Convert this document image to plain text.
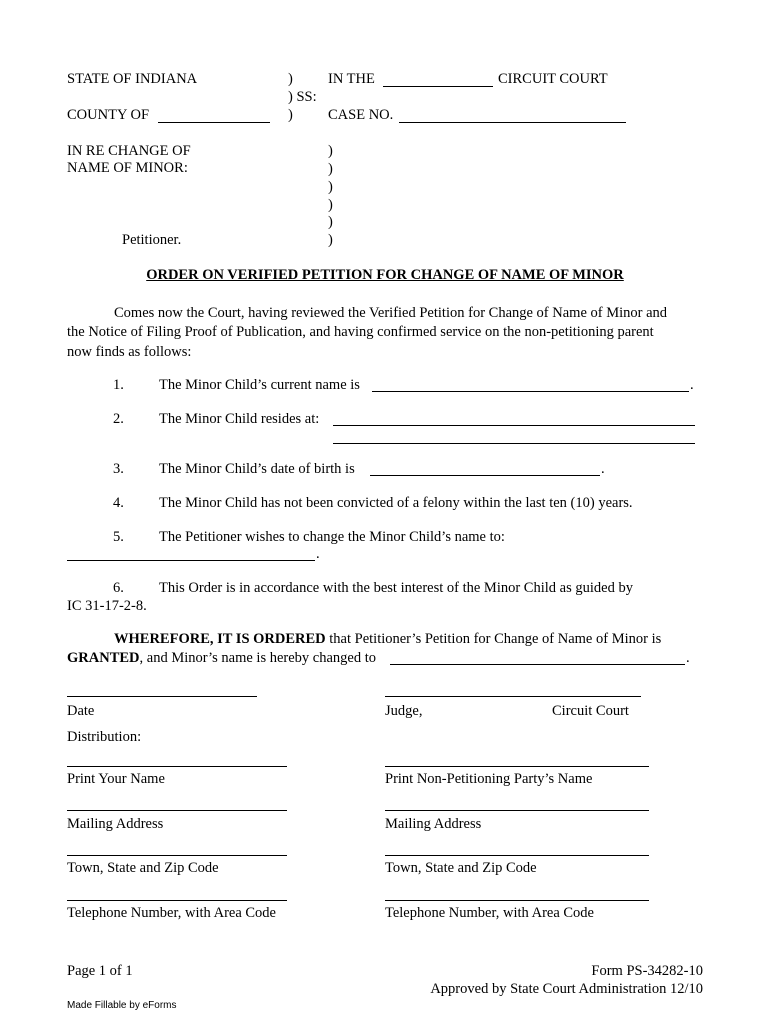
STATE OF INDIANA	) IN THE	CIRCUIT COURT
) SS:
COUNTY OF	) CASE NO.
IN RE CHANGE OF
NAME OF MINOR:
Petitioner.
)
)
)
)
)
)
ORDER ON VERIFIED PETITION FOR CHANGE OF NAME OF MINOR
Comes now the Court, having reviewed the Verified Petition for Change of Name of Minor and
the Notice of Filing Proof of Publication, and having confirmed service on the non-petitioning parent
now finds as follows:
1. The Minor Child’s current name is	.
2. The Minor Child resides at:
3. The Minor Child’s date of birth is	.
4. The Minor Child has not been convicted of a felony within the last ten (10) years.
5. The Petitioner wishes to change the Minor Child’s name to:
.
6. This Order is in accordance with the best interest of the Minor Child as guided by
IC 31-17-2-8.
WHEREFORE, IT IS ORDERED that Petitioner’s Petition for Change of Name of Minor is
GRANTED, and Minor’s name is hereby changed to	.
Date	Judge,	Circuit Court
Distribution:
Print Your Name	Print Non-Petitioning Party’s Name
Mailing Address	Mailing Address
Town, State and Zip Code	Town, State and Zip Code
Telephone Number, with Area Code	Telephone Number, with Area Code
Page 1 of 1	Form PS-34282-10
Approved by State Court Administration 12/10
Made Fillable by eForms
